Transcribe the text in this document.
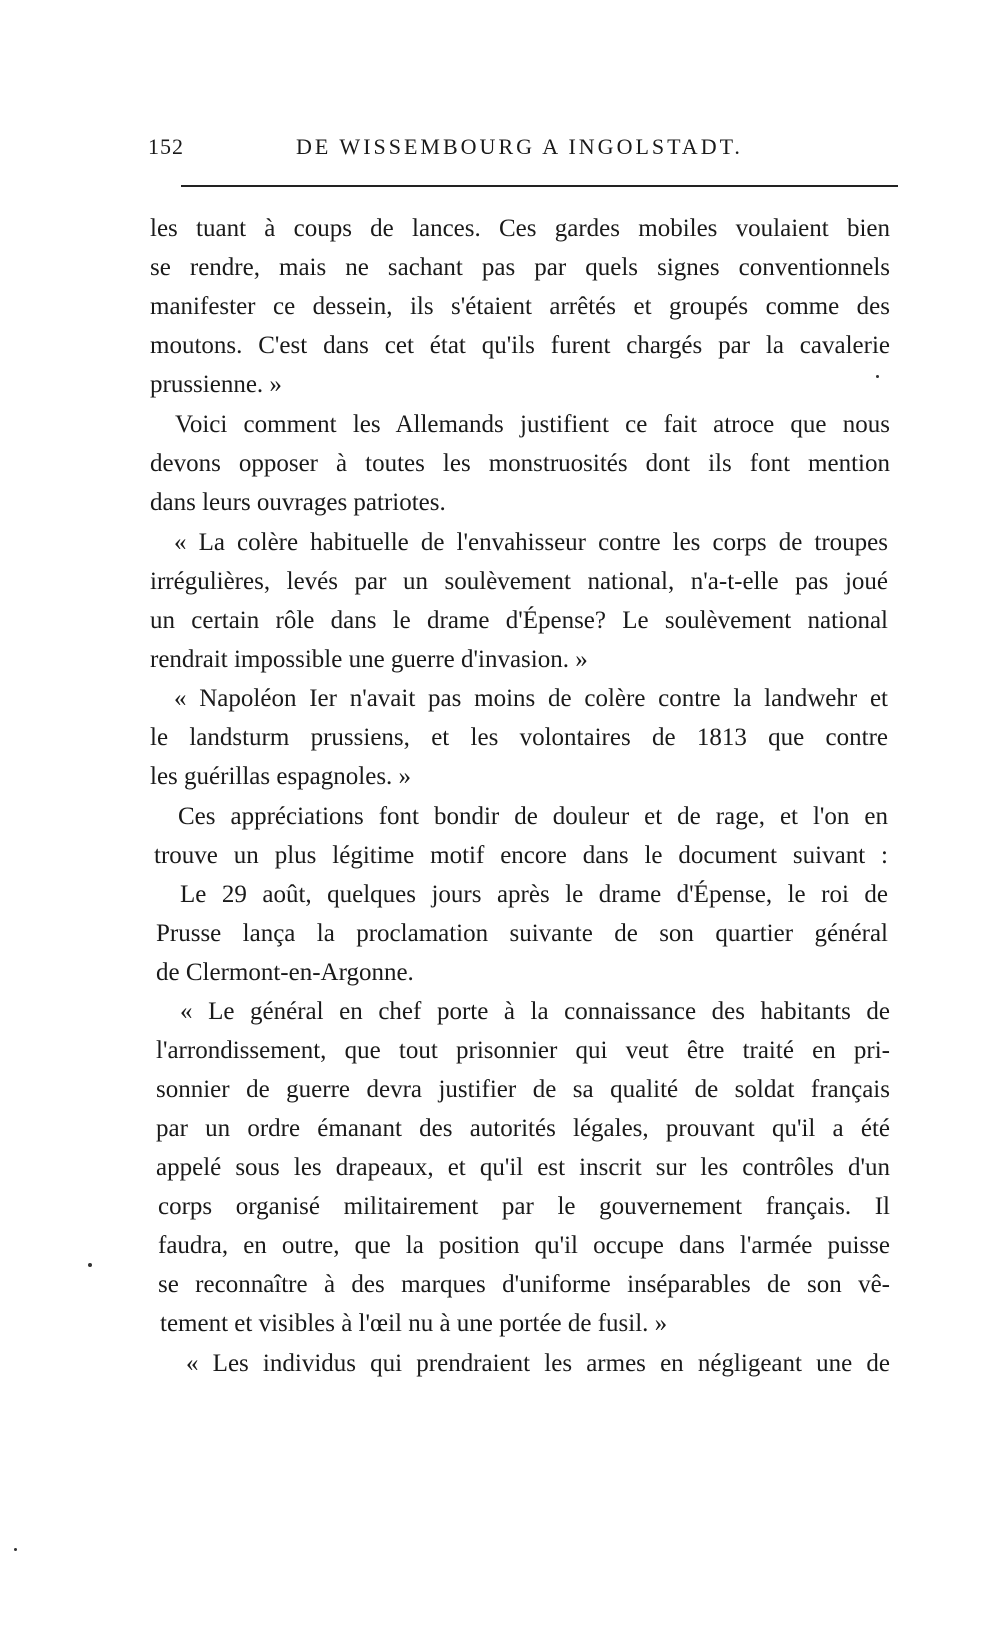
152	DE WISSEMBOURG A INGOLSTADT.
les tuant à coups de lances. Ces gardes mobiles voulaient bien
se rendre, mais ne sachant pas par quels signes conventionnels
manifester ce dessein, ils s'étaient arrêtés et groupés comme des
moutons. C'est dans cet état qu'ils furent chargés par la cavalerie
prussienne. »
Voici comment les Allemands justifient ce fait atroce que nous
devons opposer à toutes les monstruosités dont ils font mention
dans leurs ouvrages patriotes.
« La colère habituelle de l'envahisseur contre les corps de troupes
irrégulières, levés par un soulèvement national, n'a-t-elle pas joué
un certain rôle dans le drame d'Épense? Le soulèvement national
rendrait impossible une guerre d'invasion. »
« Napoléon Ier n'avait pas moins de colère contre la landwehr et
le landsturm prussiens, et les volontaires de 1813 que contre
les guérillas espagnoles. »
Ces appréciations font bondir de douleur et de rage, et l'on en
trouve un plus légitime motif encore dans le document suivant :
Le 29 août, quelques jours après le drame d'Épense, le roi de
Prusse lança la proclamation suivante de son quartier général
de Clermont-en-Argonne.
« Le général en chef porte à la connaissance des habitants de
l'arrondissement, que tout prisonnier qui veut être traité en pri-
sonnier de guerre devra justifier de sa qualité de soldat français
par un ordre émanant des autorités légales, prouvant qu'il a été
appelé sous les drapeaux, et qu'il est inscrit sur les contrôles d'un
corps organisé militairement par le gouvernement français. Il
faudra, en outre, que la position qu'il occupe dans l'armée puisse
se reconnaître à des marques d'uniforme inséparables de son vê-
tement et visibles à l'œil nu à une portée de fusil. »
« Les individus qui prendraient les armes en négligeant une de
